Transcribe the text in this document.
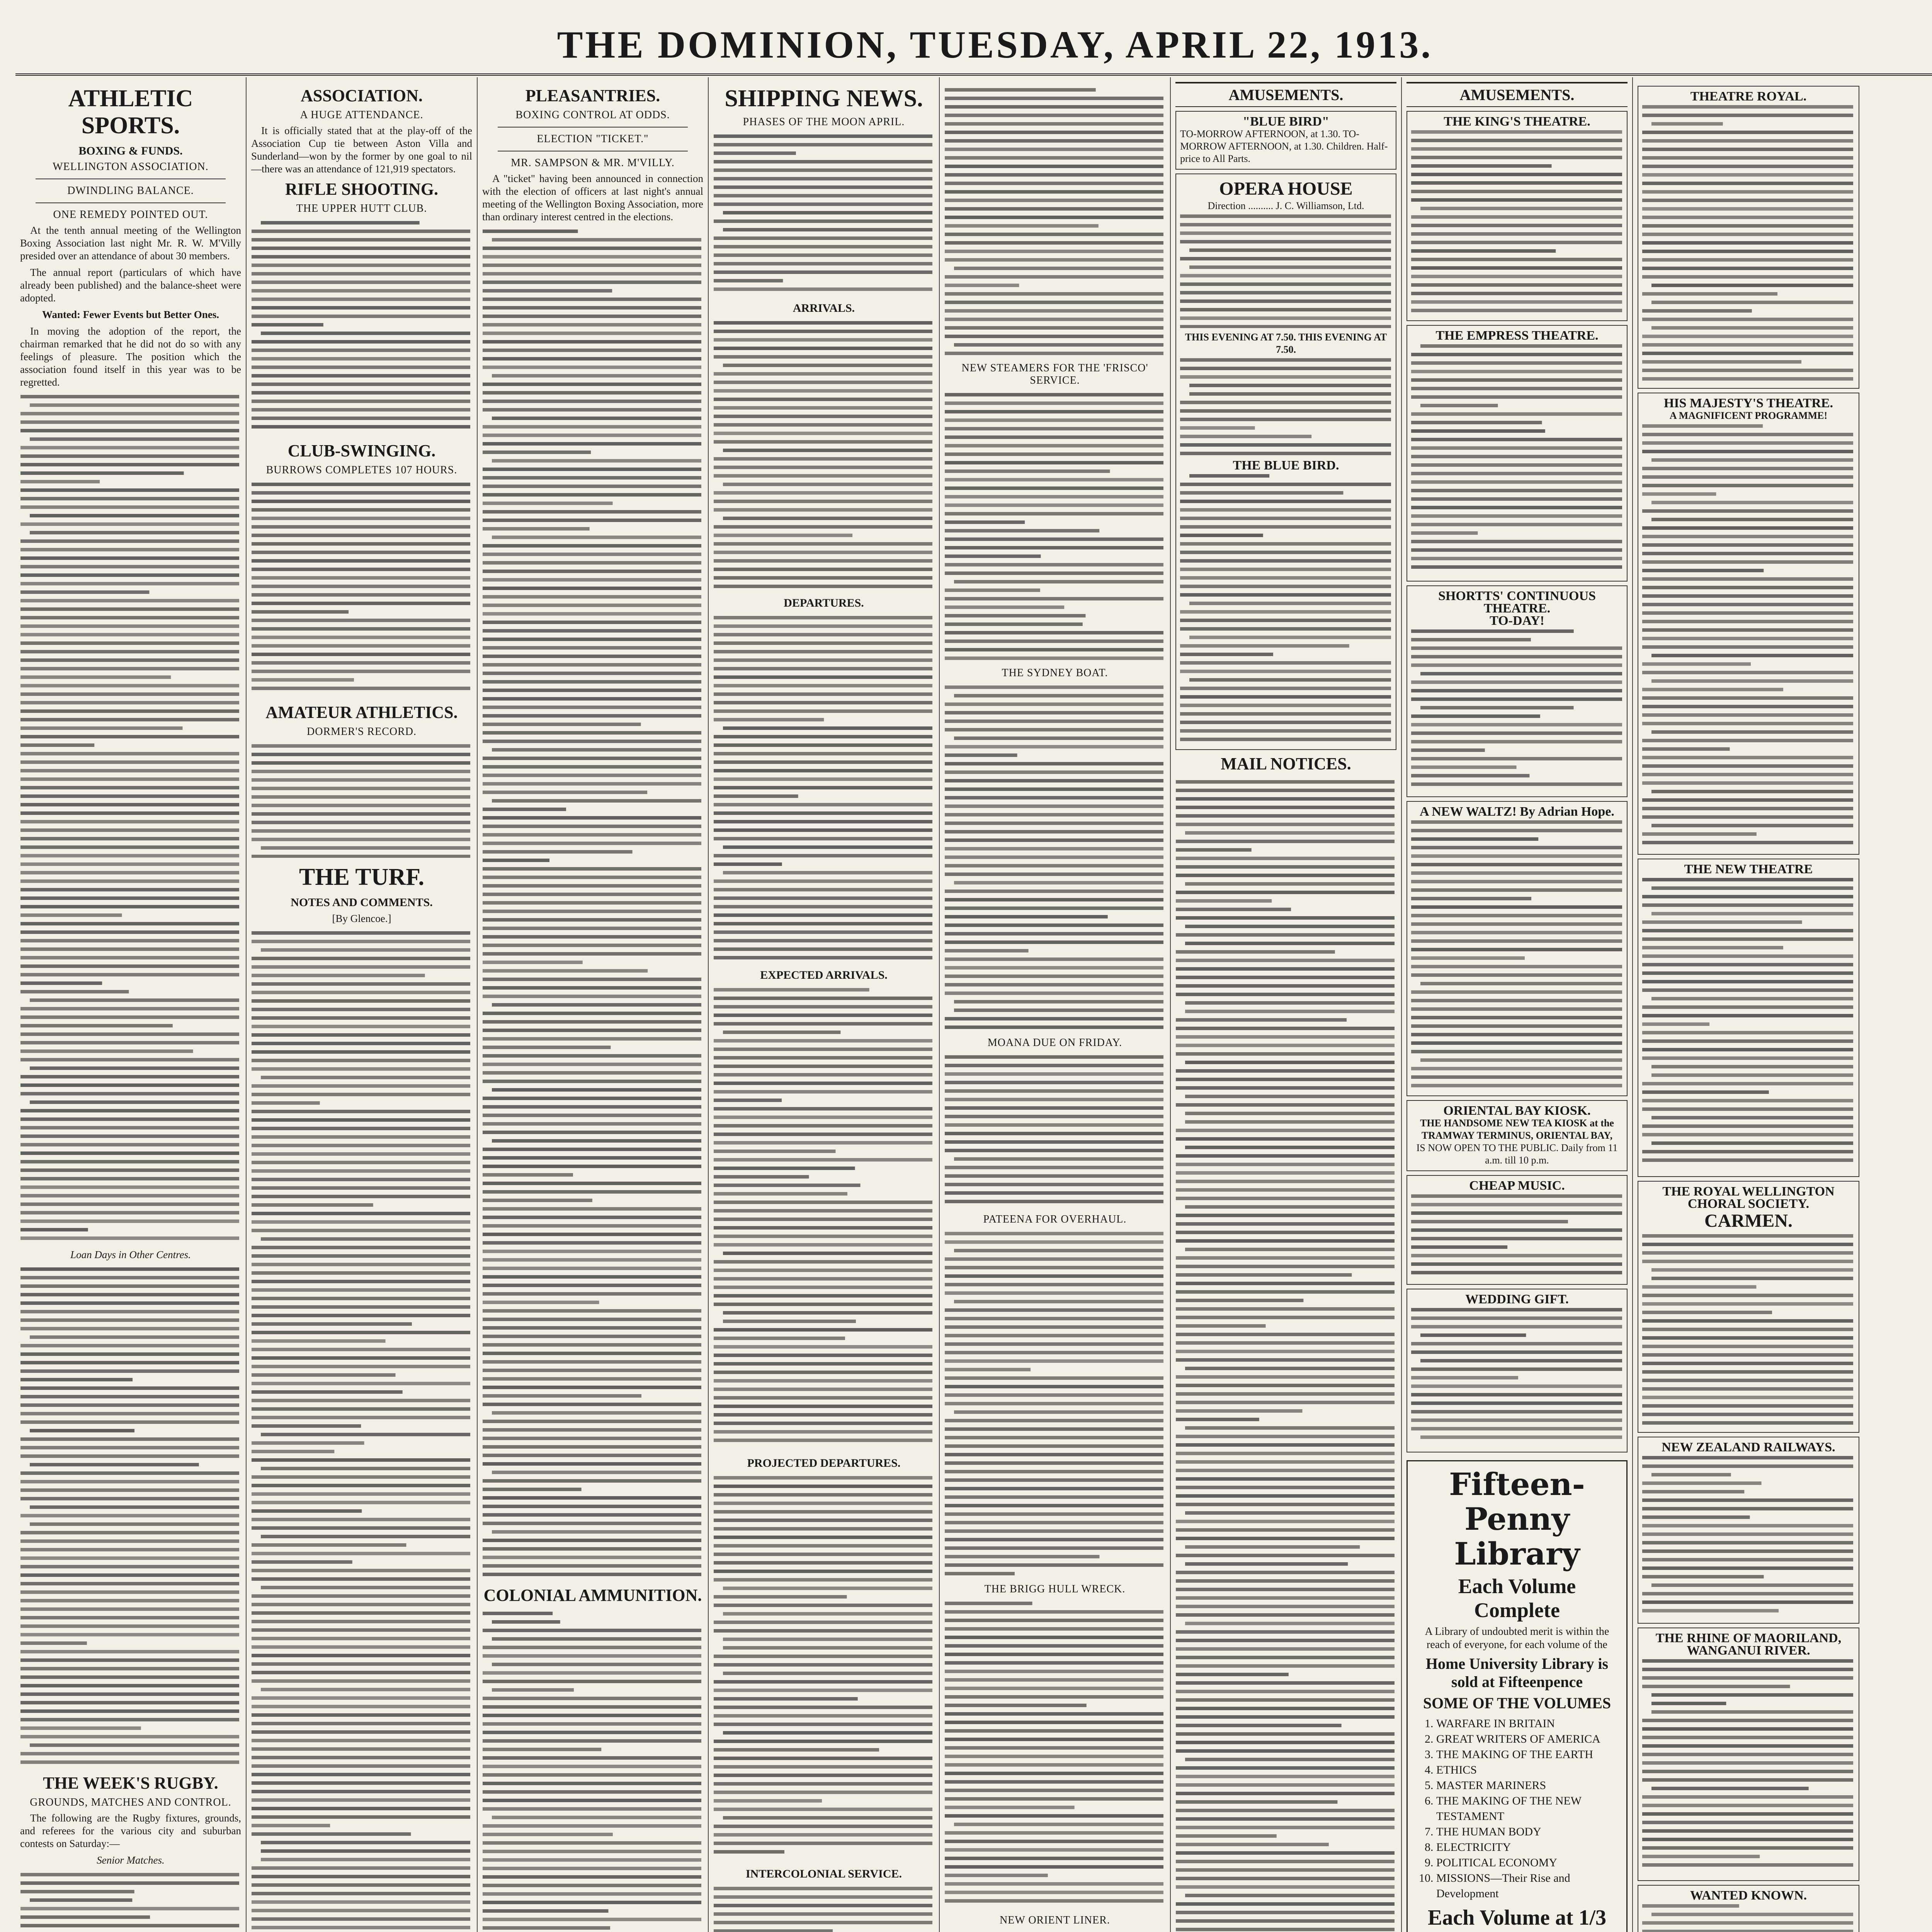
THE DOMINION, TUESDAY, APRIL 22, 1913.
ATHLETIC SPORTS.
BOXING & FUNDS.
WELLINGTON ASSOCIATION.
DWINDLING BALANCE.
ONE REMEDY POINTED OUT.

At the tenth annual meeting of the Wellington Boxing Association last night Mr. R. W. M'Villy presided over an attendance of about 30 members.

The annual report (particulars of which have already been published) and the balance-sheet were adopted.

Wanted: Fewer Events but Better Ones.

In moving the adoption of the report, the chairman remarked that he did not do so with any feelings of pleasure. The position which the association found itself in this year was to be regretted.

Loan Days in Other Centres.

THE WEEK'S RUGBY.
GROUNDS, MATCHES AND CONTROL.

The following are the Rugby fixtures, grounds, and referees for the various city and suburban contests on Saturday:—

Senior Matches.

ASSOCIATION.
A HUGE ATTENDANCE.

It is officially stated that at the play-off of the Association Cup tie between Aston Villa and Sunderland—won by the former by one goal to nil—there was an attendance of 121,919 spectators.

RIFLE SHOOTING.
THE UPPER HUTT CLUB.
CLUB-SWINGING.
BURROWS COMPLETES 107 HOURS.
AMATEUR ATHLETICS.
DORMER'S RECORD.
THE TURF.
NOTES AND COMMENTS.

[By Glencoe.]

PLEASANTRIES.
BOXING CONTROL AT ODDS.
ELECTION "TICKET."
MR. SAMPSON & MR. M'VILLY.

A "ticket" having been announced in connection with the election of officers at last night's annual meeting of the Wellington Boxing Association, more than ordinary interest centred in the elections.

COLONIAL AMMUNITION.
SHIPPING NEWS.
PHASES OF THE MOON APRIL.
ARRIVALS.
DEPARTURES.
EXPECTED ARRIVALS.
PROJECTED DEPARTURES.
INTERCOLONIAL SERVICE.
NEW STEAMERS FOR THE 'FRISCO' SERVICE.
THE SYDNEY BOAT.
MOANA DUE ON FRIDAY.
PATEENA FOR OVERHAUL.
THE BRIGG HULL WRECK.
NEW ORIENT LINER.

AMUSEMENTS.
"BLUE BIRD"
TO-MORROW AFTERNOON, at 1.30. TO-MORROW AFTERNOON, at 1.30. Children. Half-price to All Parts.
OPERA HOUSE
Direction .......... J. C. Williamson, Ltd.
THIS EVENING AT 7.50. THIS EVENING AT 7.50.
THE BLUE BIRD.
MAIL NOTICES.
AMUSEMENTS.
THE KING'S THEATRE.
THE EMPRESS THEATRE.
SHORTTS' CONTINUOUS THEATRE.
TO-DAY!
A NEW WALTZ! By Adrian Hope.
ORIENTAL BAY KIOSK.
THE HANDSOME NEW TEA KIOSK at the TRAMWAY TERMINUS, ORIENTAL BAY,
IS NOW OPEN TO THE PUBLIC. Daily from 11 a.m. till 10 p.m.
CHEAP MUSIC.
WEDDING GIFT.
Fifteen-Penny Library
Each Volume Complete
A Library of undoubted merit is within the reach of everyone, for each volume of the
Home University Library is sold at Fifteenpence
SOME OF THE VOLUMES
1. WARFARE IN BRITAIN
2. GREAT WRITERS OF AMERICA
3. THE MAKING OF THE EARTH
4. ETHICS
5. MASTER MARINERS
6. THE MAKING OF THE NEW TESTAMENT
7. THE HUMAN BODY
8. ELECTRICITY
9. POLITICAL ECONOMY
10. MISSIONS—Their Rise and Development
Each Volume at 1/3
THEATRE ROYAL.
HIS MAJESTY'S THEATRE.
A MAGNIFICENT PROGRAMME!
THE NEW THEATRE
THE ROYAL WELLINGTON CHORAL SOCIETY.
CARMEN.
NEW ZEALAND RAILWAYS.
THE RHINE OF MAORILAND, WANGANUI RIVER.
WANTED KNOWN.
